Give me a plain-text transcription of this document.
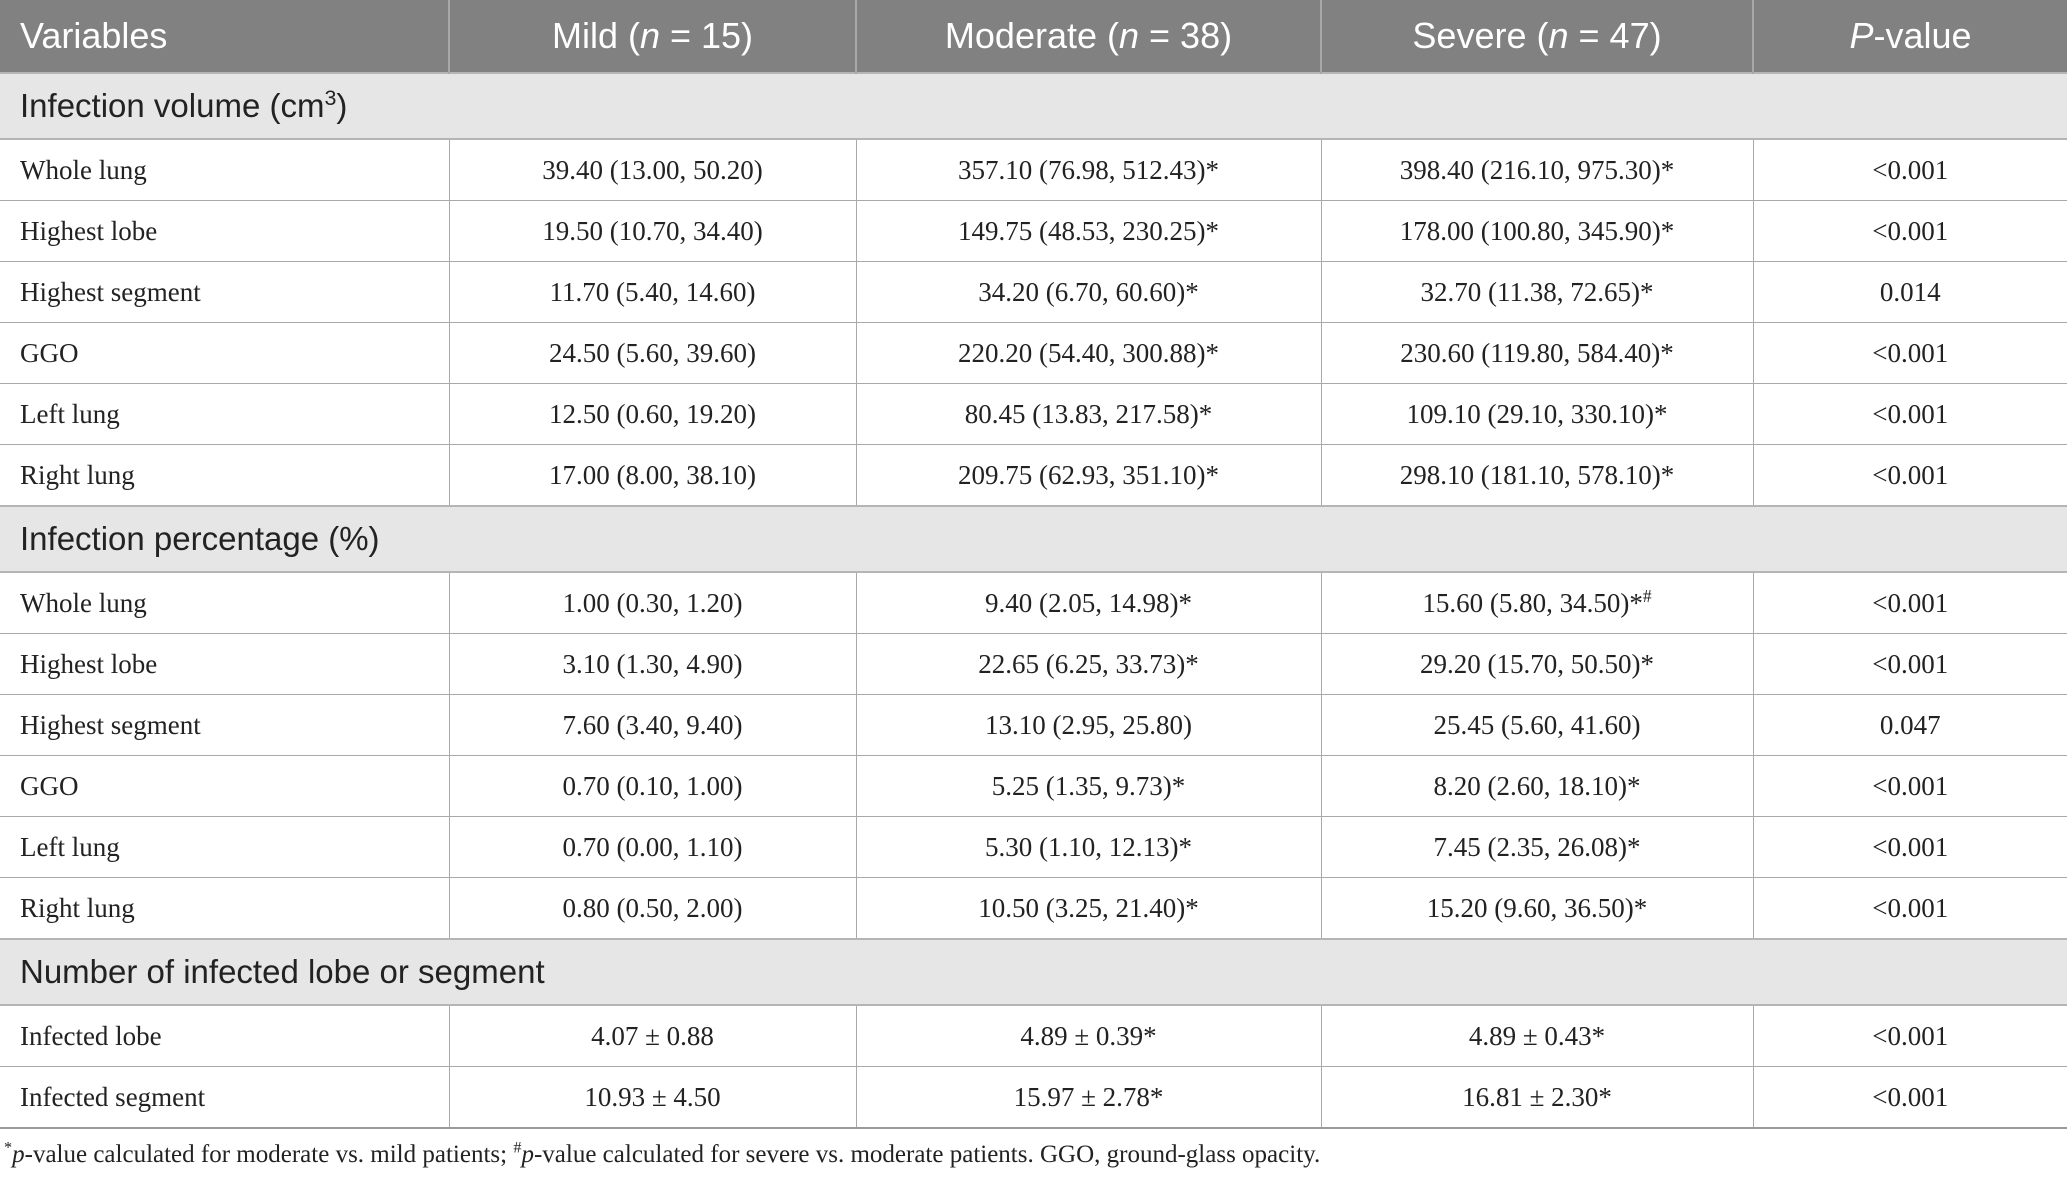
Variables	Mild (n = 15)	Moderate (n = 38)	Severe (n = 47)	P-value
Infection volume $(cm^3)$				
Whole lung	39.40 (13.00, 50.20)	357.10 (76.98, 512.43)*	398.40 (216.10, 975.30)*	<0.001
Highest lobe	19.50 (10.70, 34.40)	149.75 (48.53, 230.25)*	178.00 (100.80, 345.90)*	<0.001
Highest segment	11.70 (5.40, 14.60)	34.20 (6.70, 60.60)*	32.70 (11.38, 72.65)*	0.014
GGO	24.50 (5.60, 39.60)	220.20 (54.40, 300.88)*	230.60 (119.80, 584.40)*	<0.001
Left lung	12.50 (0.60, 19.20)	80.45 (13.83, 217.58)*	109.10 (29.10, 330.10)*	<0.001
Right lung	17.00 (8.00, 38.10)	209.75 (62.93, 351.10)*	298.10 (181.10, 578.10)*	<0.001
Infection percentage (%)				
Whole lung	1.00 (0.30, 1.20)	9.40 (2.05, 14.98)*	15.60 (5.80, 34.50)*#	<0.001
Highest lobe	3.10 (1.30, 4.90)	22.65 (6.25, 33.73)*	29.20 (15.70, 50.50)*	<0.001
Highest segment	7.60 (3.40, 9.40)	13.10 (2.95, 25.80)	25.45 (5.60, 41.60)	0.047
GGO	0.70 (0.10, 1.00)	5.25 (1.35, 9.73)*	8.20 (2.60, 18.10)*	<0.001
Left lung	0.70 (0.00, 1.10)	5.30 (1.10, 12.13)*	7.45 (2.35, 26.08)*	<0.001
Right lung	0.80 (0.50, 2.00)	10.50 (3.25, 21.40)*	15.20 (9.60, 36.50)*	<0.001
Number of infected lobe or segment				
Infected lobe	4.07 ± 0.88	4.89 ± 0.39*	4.89 ± 0.43*	<0.001
Infected segment	10.93 ± 4.50	15.97 ± 2.78*	16.81 ± 2.30*	<0.001
*p-value calculated for moderate vs. mild patients; #p-value calculated for severe vs. moderate patients. GGO, ground-glass opacity.
